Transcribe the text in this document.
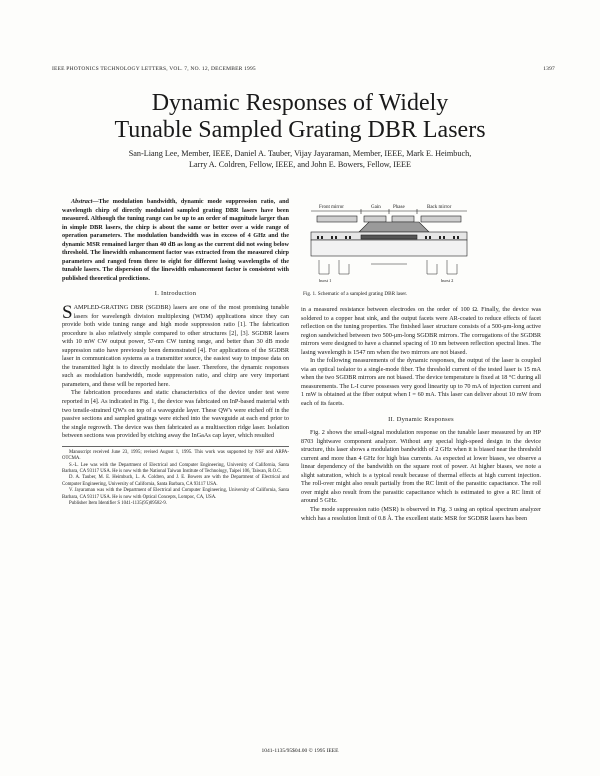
IEEE PHOTONICS TECHNOLOGY LETTERS, VOL. 7, NO. 12, DECEMBER 1995	1397
Dynamic Responses of Widely
Tunable Sampled Grating DBR Lasers
San-Liang Lee, Member, IEEE, Daniel A. Tauber, Vijay Jayaraman, Member, IEEE, Mark E. Heimbuch,
Larry A. Coldren, Fellow, IEEE, and John E. Bowers, Fellow, IEEE

Abstract—The modulation bandwidth, dynamic mode suppression ratio, and wavelength chirp of directly modulated sampled grating DBR lasers have been measured. Although the tuning range can be up to an order of magnitude larger than in simple DBR lasers, the chirp is about the same or better over a wide range of operation parameters. The modulation bandwidth was in excess of 4 GHz and the dynamic MSR remained larger than 40 dB as long as the current did not swing below threshold. The linewidth enhancement factor was extracted from the measured chirp parameters and ranged from three to eight for different lasing wavelengths of the tunable lasers. The dispersion of the linewidth enhancement factor is consistent with published theoretical predictions.

I. Introduction

SAMPLED-GRATING DBR (SGDBR) lasers are one of the most promising tunable lasers for wavelength division multiplexing (WDM) applications since they can provide both wide tuning range and high mode suppression ratio [1]. The fabrication procedure is also relatively simple compared to other structures [2], [3]. SGDBR lasers with 10 mW CW output power, 57-nm CW tuning range, and better than 30 dB mode suppression ratio have previously been demonstrated [4]. For applications of the SGDBR laser in communication systems as a transmitter source, the easiest way to impose data on the transmitted light is to directly modulate the laser. Therefore, the dynamic responses such as modulation bandwidth, mode suppression ratio, and chirp are very important parameters, and these will be reported here.

The fabrication procedures and static characteristics of the device under test were reported in [4]. As indicated in Fig. 1, the device was fabricated on InP-based material with two tensile-strained QW's on top of a waveguide layer. These QW's were etched off in the passive sections and sampled gratings were etched into the waveguide at each end prior to the single regrowth. The device was then fabricated as a multisection ridge laser. Isolation between sections was provided by etching away the InGaAs cap layer, which resulted

Manuscript received June 23, 1995; revised August 1, 1995. This work was supported by NSF and ARPA-OTCMA.
S.-L. Lee was with the Department of Electrical and Computer Engineering, University of California, Santa Barbara, CA 93117 USA. He is now with the National Taiwan Institute of Technology, Taipei 106, Taiwan, R.O.C.
D. A. Tauber, M. E. Heimbuch, L. A. Coldren, and J. E. Bowers are with the Department of Electrical and Computer Engineering, University of California, Santa Barbara, CA 93117 USA.
V. Jayaraman was with the Department of Electrical and Computer Engineering, University of California, Santa Barbara, CA 93117 USA. He is now with Optical Concepts, Lompoc, CA, USA.
Publisher Item Identifier S 1041-1135(95)09582-9.
Front mirror	Gain Phase	Back mirror
burst 1	burst 2
Fig. 1. Schematic of a sampled grating DBR laser.

in a measured resistance between electrodes on the order of 100 Ω. Finally, the device was soldered to a copper heat sink, and the output facets were AR-coated to reduce effects of facet reflection on the tuning properties. The finished laser structure consists of a 500-μm-long active region sandwiched between two 500-μm-long SGDBR mirrors. The corrugations of the SGDBR mirrors were designed to have a channel spacing of 10 nm between reflection spectral lines. The lasing wavelength is 1547 nm when the two mirrors are not biased.

In the following measurements of the dynamic responses, the output of the laser is coupled via an optical isolator to a single-mode fiber. The threshold current of the tested laser is 15 mA when the two SGDBR mirrors are not biased. The device temperature is fixed at 18 °C during all measurements. The L-I curve possesses very good linearity up to 70 mA of injection current and 1 mW is obtained at the fiber output when I = 60 mA. This laser can deliver about 10 mW from each of its facets.

II. Dynamic Responses

Fig. 2 shows the small-signal modulation response on the tunable laser measured by an HP 8703 lightwave component analyzer. Without any special high-speed design in the device structure, this laser shows a modulation bandwidth of 2 GHz when it is biased near the threshold current and more than 4 GHz for high bias currents. As expected at lower biases, we observe a linear dependency of the bandwidth on the square root of power. At higher biases, we note a slight saturation, which is a typical result because of thermal effects at high current injection. The roll-over might also result partially from the RC limit of the parasitic capacitance. The roll over might also result from the parasitic capacitance which is estimated to give a RC limit of around 5 GHz.

The mode suppression ratio (MSR) is observed in Fig. 3 using an optical spectrum analyzer which has a resolution limit of 0.8 Å. The excellent static MSR for SGDBR lasers has been

1041-1135/95$04.00 © 1995 IEEE
